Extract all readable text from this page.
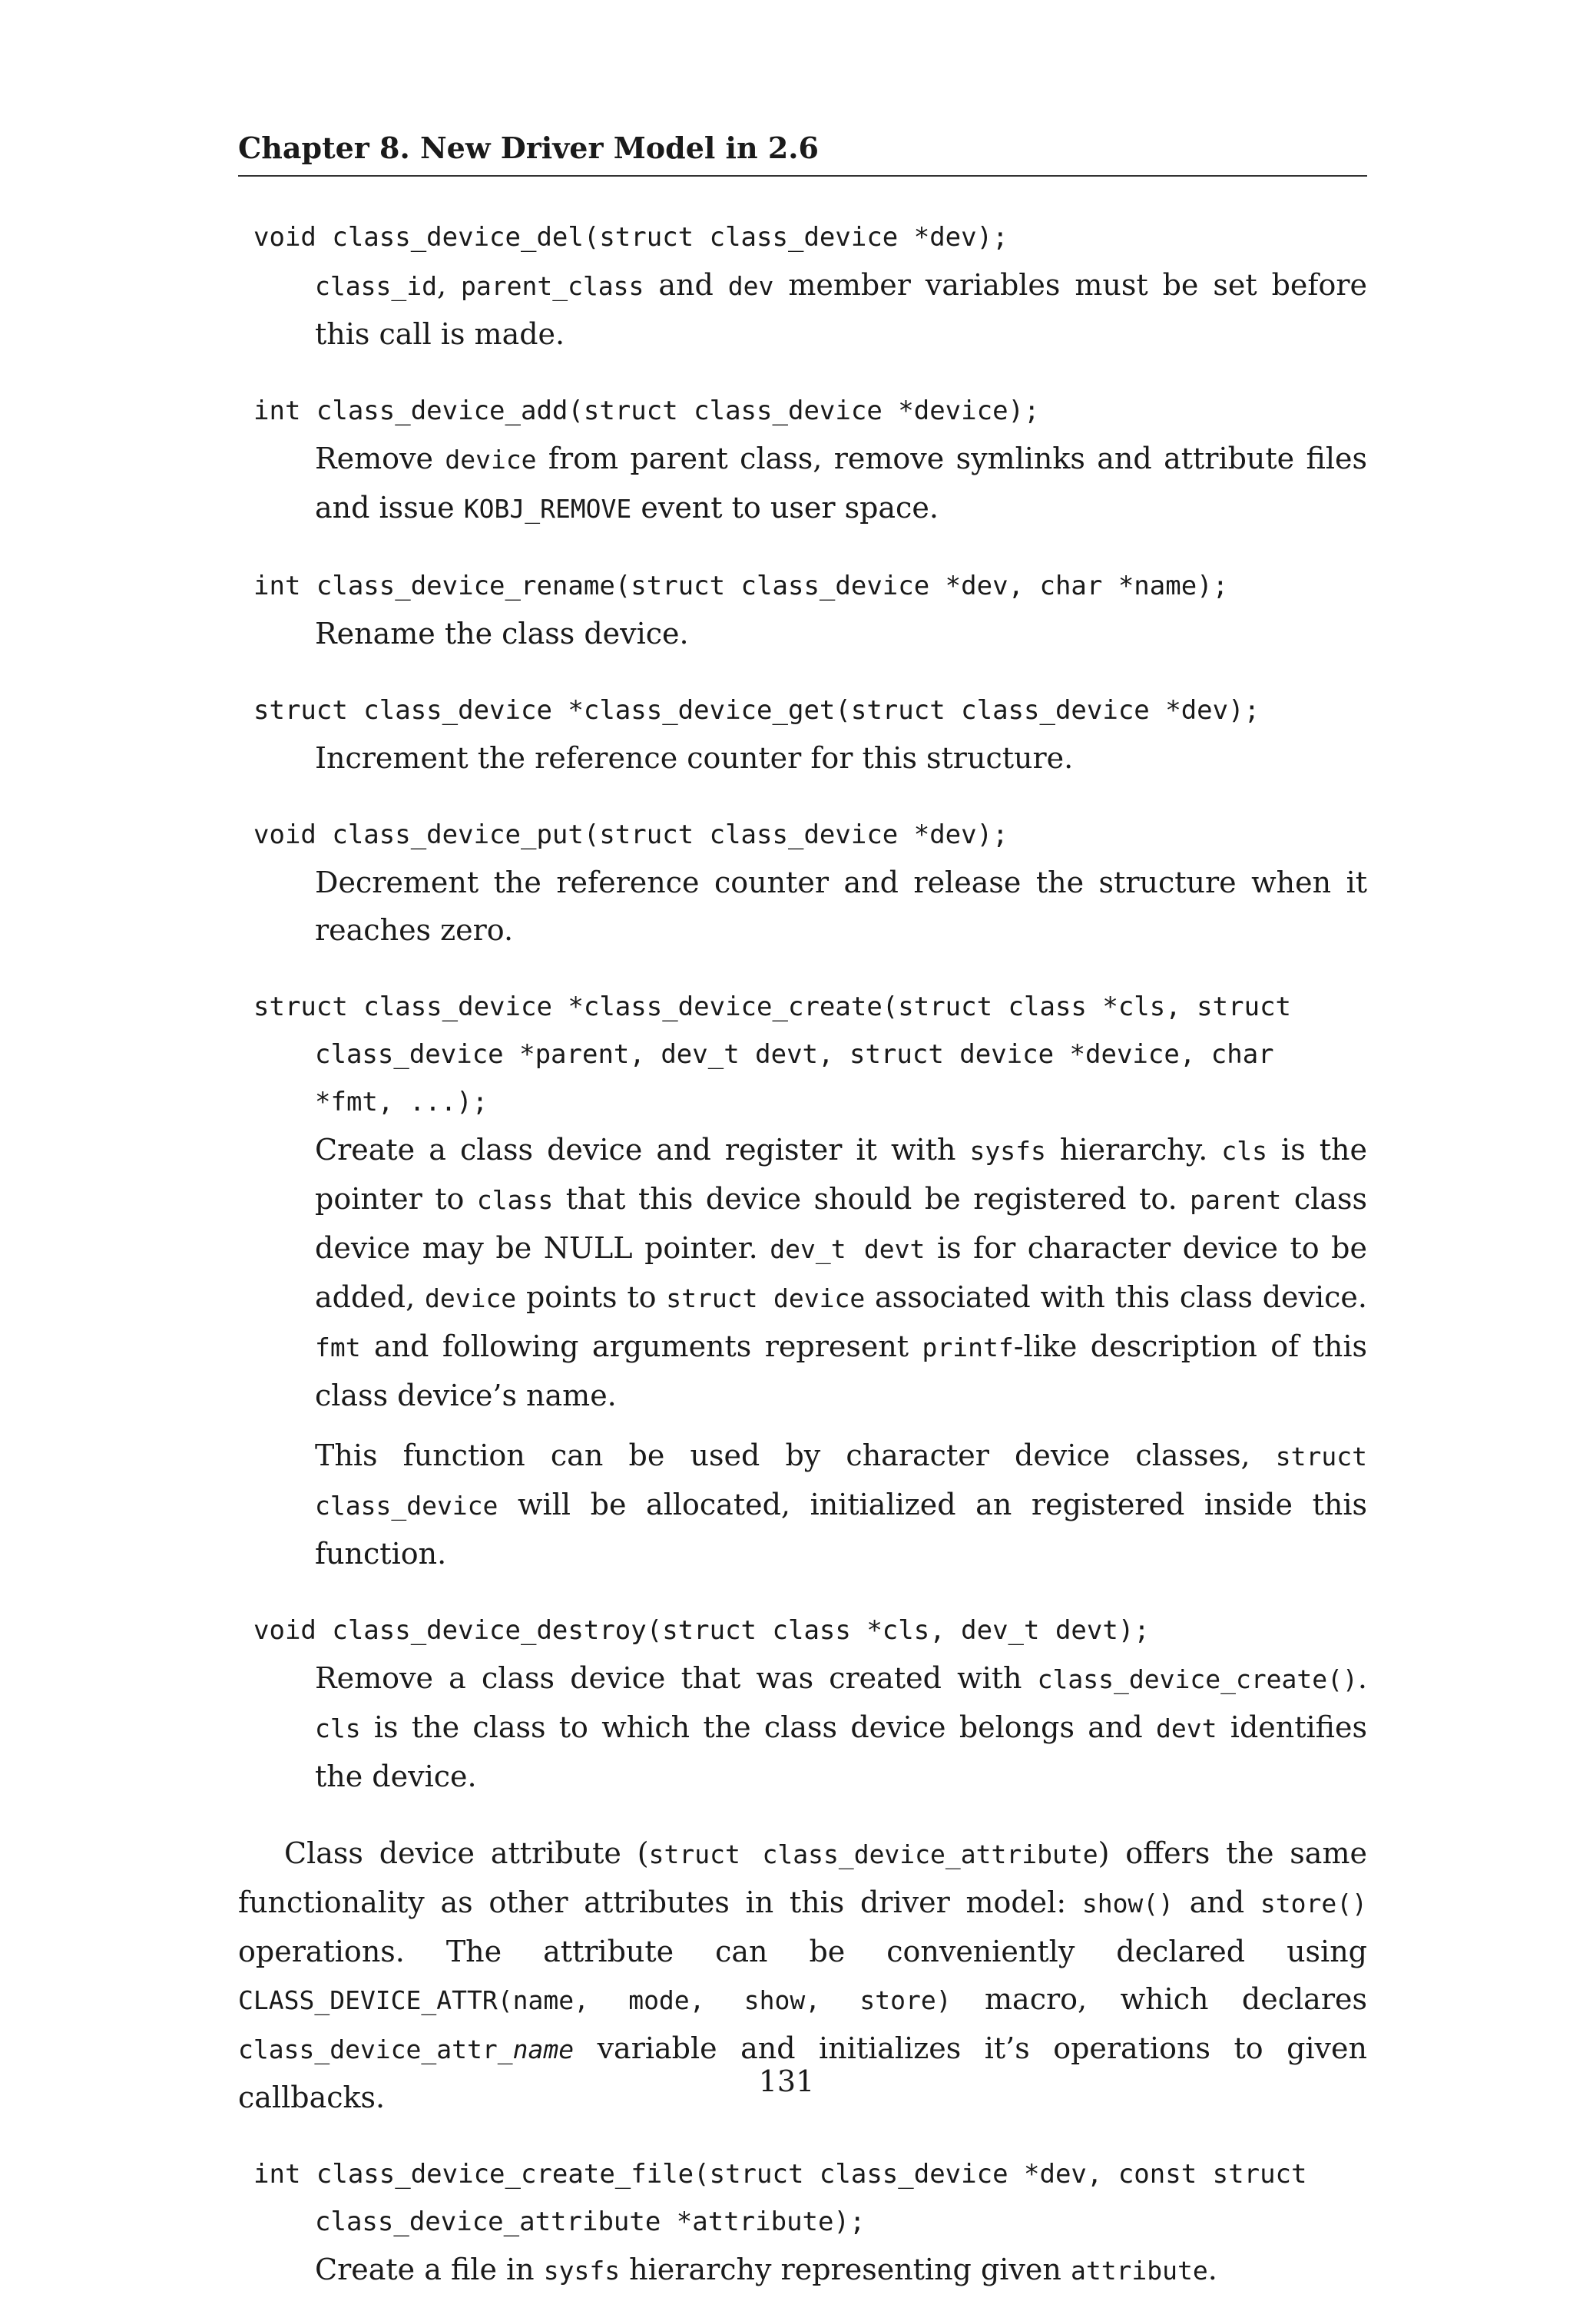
Chapter 8. New Driver Model in 2.6
void class_device_del(struct class_device *dev);
class_id, parent_class and dev member variables must be set before this call is made.
int class_device_add(struct class_device *device);
Remove device from parent class, remove symlinks and attribute files and issue KOBJ_REMOVE event to user space.
int class_device_rename(struct class_device *dev, char *name);
Rename the class device.
struct class_device *class_device_get(struct class_device *dev);
Increment the reference counter for this structure.
void class_device_put(struct class_device *dev);
Decrement the reference counter and release the structure when it reaches zero.
struct class_device *class_device_create(struct class *cls, struct
class_device *parent, dev_t devt, struct device *device, char
*fmt, ...);
Create a class device and register it with sysfs hierarchy. cls is the pointer to class that this device should be registered to. parent class device may be NULL pointer. dev_t devt is for character device to be added, device points to struct device associated with this class device. fmt and following arguments represent printf-like description of this class device’s name.
This function can be used by character device classes, struct class_device will be allocated, initialized an registered inside this function.
void class_device_destroy(struct class *cls, dev_t devt);
Remove a class device that was created with class_device_create(). cls is the class to which the class device belongs and devt identifies the device.
Class device attribute (struct class_device_attribute) offers the same functionality as other attributes in this driver model: show() and store() operations. The attribute can be conveniently declared using CLASS_DEVICE_ATTR(name, mode, show, store) macro, which declares class_device_attr_name variable and initializes it’s operations to given callbacks.
int class_device_create_file(struct class_device *dev, const struct
class_device_attribute *attribute);
Create a file in sysfs hierarchy representing given attribute.
131
